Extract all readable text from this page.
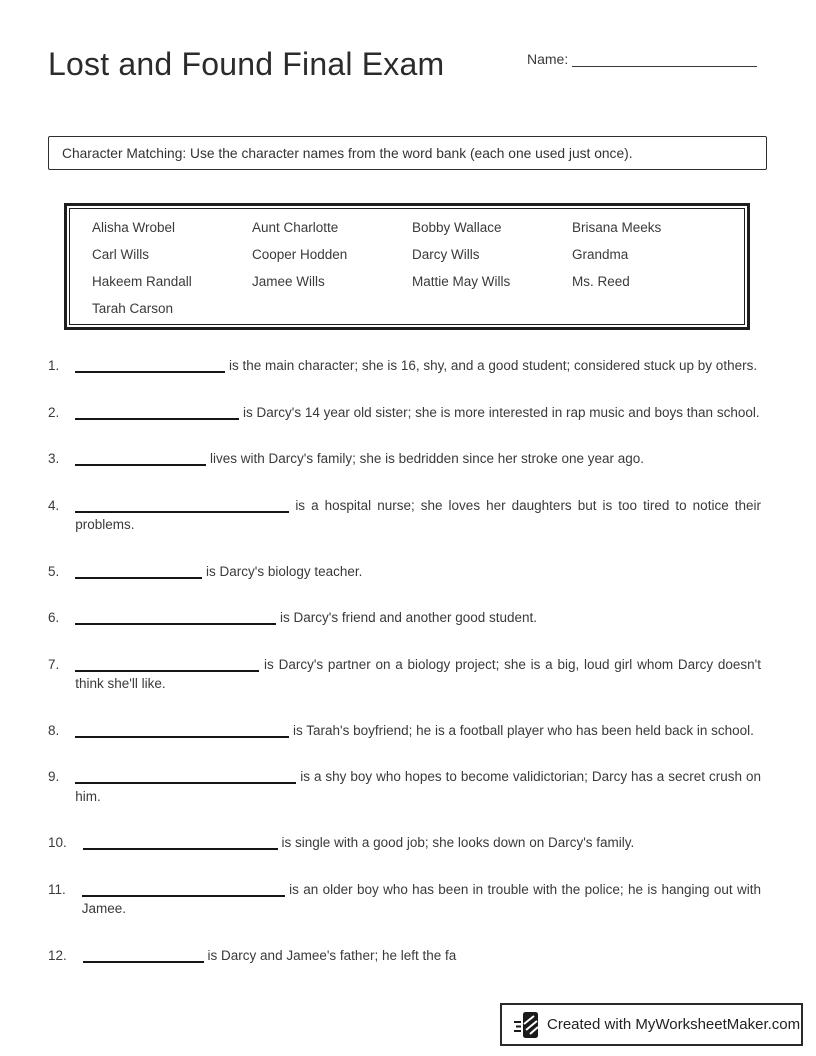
Lost and Found Final Exam	Name:
Character Matching: Use the character names from the word bank (each one used just once).
Alisha Wrobel	Aunt Charlotte	Bobby Wallace	Brisana Meeks
Carl Wills	Cooper Hodden	Darcy Wills	Grandma
Hakeem Randall	Jamee Wills	Mattie May Wills	Ms. Reed
Tarah Carson
1.	is the main character; she is 16, shy, and a good student; considered stuck up by others.

2.	is Darcy's 14 year old sister; she is more interested in rap music and boys than school.

3.	lives with Darcy's family; she is bedridden since her stroke one year ago.

4.	is a hospital nurse; she loves her daughters but is too tired to notice their problems.

5.	is Darcy's biology teacher.

6.	is Darcy's friend and another good student.

7.	is Darcy's partner on a biology project; she is a big, loud girl whom Darcy doesn't think she'll like.

8.	is Tarah's boyfriend; he is a football player who has been held back in school.

9.	is a shy boy who hopes to become validictorian; Darcy has a secret crush on him.

10.	is single with a good job; she looks down on Darcy's family.

11.	is an older boy who has been in trouble with the police; he is hanging out with Jamee.

12.	is Darcy and Jamee's father; he left the fa

Created with MyWorksheetMaker.com
